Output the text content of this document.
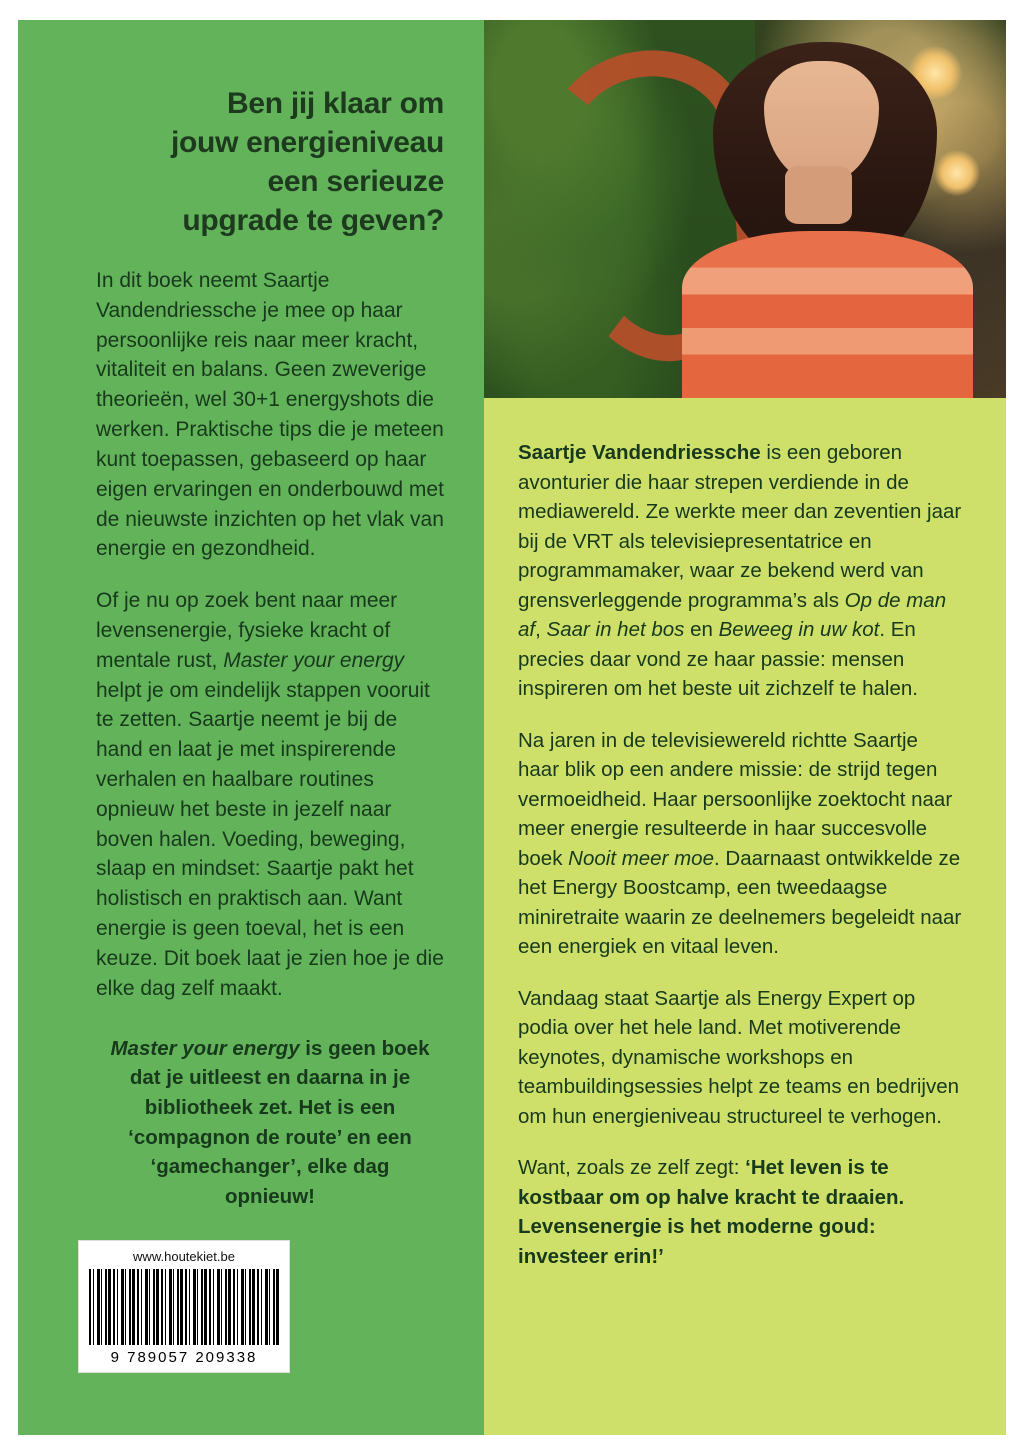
Ben jij klaar om
jouw energieniveau
een serieuze
upgrade te geven?

In dit boek neemt Saartje Vandendriessche je mee op haar persoonlijke reis naar meer kracht, vitaliteit en balans. Geen zweverige theorieën, wel 30+1 energyshots die werken. Praktische tips die je meteen kunt toepassen, gebaseerd op haar eigen ervaringen en onderbouwd met de nieuwste inzichten op het vlak van energie en gezondheid.

Of je nu op zoek bent naar meer levensenergie, fysieke kracht of mentale rust, Master your energy helpt je om eindelijk stappen vooruit te zetten. Saartje neemt je bij de hand en laat je met inspirerende verhalen en haalbare routines opnieuw het beste in jezelf naar boven halen. Voeding, beweging, slaap en mindset: Saartje pakt het holistisch en praktisch aan. Want energie is geen toeval, het is een keuze. Dit boek laat je zien hoe je die elke dag zelf maakt.

Master your energy is geen boek dat je uitleest en daarna in je bibliotheek zet. Het is een ‘compagnon de route’ en een ‘gamechanger’, elke dag opnieuw!
www.houtekiet.be
9 789057 209338

Saartje Vandendriessche is een geboren avonturier die haar strepen verdiende in de mediawereld. Ze werkte meer dan zeventien jaar bij de VRT als televisiepresentatrice en programmamaker, waar ze bekend werd van grensverleggende programma’s als Op de man af, Saar in het bos en Beweeg in uw kot. En precies daar vond ze haar passie: mensen inspireren om het beste uit zichzelf te halen.

Na jaren in de televisiewereld richtte Saartje haar blik op een andere missie: de strijd tegen vermoeidheid. Haar persoonlijke zoektocht naar meer energie resulteerde in haar succesvolle boek Nooit meer moe. Daarnaast ontwikkelde ze het Energy Boostcamp, een tweedaagse miniretraite waarin ze deelnemers begeleidt naar een energiek en vitaal leven.

Vandaag staat Saartje als Energy Expert op podia over het hele land. Met motiverende keynotes, dynamische workshops en teambuildingsessies helpt ze teams en bedrijven om hun energieniveau structureel te verhogen.

Want, zoals ze zelf zegt: ‘Het leven is te kostbaar om op halve kracht te draaien. Levensenergie is het moderne goud: investeer erin!’
